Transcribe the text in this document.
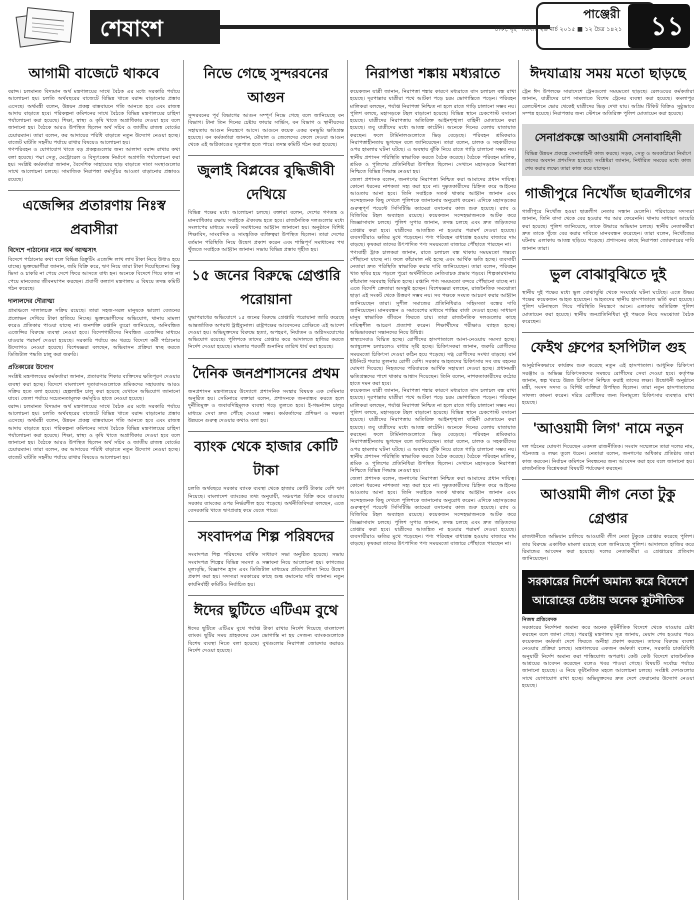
শেষাংশ
পাঞ্জেরী
ঢাকা, বৃহস্পতিবার ২৬ মার্চ ২০১৫ ■ ১২ চৈত্র ১৪২১ ১১
আগামী বাজেটে থাকবে
বরাদ্দ। চলমানত বিদ্যমান অর্থ মন্ত্রণালয়ের সাথে বৈঠক এর মধ্যে সরকারি পর্যায়ে আলোচনা হয়। চলতি অর্থবছরের বাজেটে বিভিন্ন খাতে বরাদ্দ বাড়ানোর প্রস্তাব এসেছে। অর্থমন্ত্রী বলেন, উন্নয়ন প্রকল্প বাস্তবায়নে গতি আনতে হবে এবং রাজস্ব আদায় বাড়াতে হবে। পরিকল্পনা কমিশনের সাথে বৈঠকে বিভিন্ন মন্ত্রণালয়ের চাহিদা পর্যালোচনা করা হয়েছে। শিক্ষা, স্বাস্থ্য ও কৃষি খাতে অগ্রাধিকার দেওয়া হবে বলে জানানো হয়। বৈঠকে আরও উপস্থিত ছিলেন অর্থ সচিব ও জাতীয় রাজস্ব বোর্ডের চেয়ারম্যান। তারা বলেন, কর আদায়ের পরিধি বাড়াতে নতুন উদ্যোগ নেওয়া হচ্ছে। বাজেট ঘাটতি সহনীয় পর্যায়ে রাখার বিষয়েও আলোচনা হয়।
গণপরিবহন ও যোগাযোগ খাতে বড় প্রকল্পগুলোর জন্য আলাদা বরাদ্দ রাখার কথা বলা হয়েছে। পদ্মা সেতু, মেট্রোরেল ও বিদ্যুৎকেন্দ্র নির্মাণে অগ্রগতি পর্যালোচনা করা হয়। সংশ্লিষ্ট কর্মকর্তারা জানান, বৈদেশিক সাহায্যের ছাড় বাড়াতে দাতা সংস্থাগুলোর সাথে আলোচনা চলছে। সামাজিক নিরাপত্তা কর্মসূচির আওতা বাড়ানোর প্রস্তাবও রয়েছে।
এজেন্সির প্রতারণায় নিঃস্ব প্রবাসীরা
বিদেশে পাঠানোর নামে অর্থ আত্মসাৎ
বিদেশে পাঠানোর কথা বলে বিভিন্ন রিক্রুটিং এজেন্সি লাখ লাখ টাকা নিয়ে উধাও হয়ে যাচ্ছে। ভুক্তভোগীরা জানান, জমি বিক্রি করে, ঋণ নিয়ে তারা টাকা দিয়েছিলেন। কিন্তু ভিসা ও চাকরি না পেয়ে দেশে ফিরে আসতে বাধ্য হন। অনেকে বিদেশে গিয়ে কাজ না পেয়ে মানবেতর জীবনযাপন করছেন। প্রবাসী কল্যাণ মন্ত্রণালয় এ বিষয়ে তদন্ত কমিটি গঠন করেছে।
দালালদের দৌরাত্ম্য
গ্রামাঞ্চলে দালালচক্র সক্রিয় রয়েছে। তারা সহজ-সরল মানুষকে ভালো বেতনের প্রলোভন দেখিয়ে টাকা হাতিয়ে নিচ্ছে। ভুক্তভোগীদের অভিযোগ, থানায় মামলা করেও প্রতিকার পাওয়া যাচ্ছে না। জনশক্তি রপ্তানি ব্যুরো জানিয়েছে, অনিবন্ধিত এজেন্সির বিরুদ্ধে ব্যবস্থা নেওয়া হবে। বিদেশগামীদের নিবন্ধিত এজেন্সির মাধ্যমে যাওয়ার পরামর্শ দেওয়া হয়েছে। সরকারি পর্যায়ে কম খরচে বিদেশে কর্মী পাঠানোর উদ্যোগও নেওয়া হয়েছে। বিশেষজ্ঞরা বলছেন, অভিবাসন প্রক্রিয়া স্বচ্ছ করতে ডিজিটাল পদ্ধতি চালু করা জরুরি।
প্রতিকারের উদ্যোগ
সংশ্লিষ্ট মন্ত্রণালয়ের কর্মকর্তারা জানান, প্রতারণার শিকার ব্যক্তিদের ক্ষতিপূরণ দেওয়ার ব্যবস্থা করা হচ্ছে। বিদেশে বাংলাদেশ দূতাবাসগুলোকে শ্রমিকদের সহায়তায় আরও সক্রিয় হতে বলা হয়েছে। হেল্পলাইন চালু করা হয়েছে যেখানে অভিযোগ জানানো যাবে। জেলা পর্যায়ে সচেতনতামূলক কর্মসূচিও হাতে নেওয়া হয়েছে।
বরাদ্দ। চলমানত বিদ্যমান অর্থ মন্ত্রণালয়ের সাথে বৈঠক এর মধ্যে সরকারি পর্যায়ে আলোচনা হয়। চলতি অর্থবছরের বাজেটে বিভিন্ন খাতে বরাদ্দ বাড়ানোর প্রস্তাব এসেছে। অর্থমন্ত্রী বলেন, উন্নয়ন প্রকল্প বাস্তবায়নে গতি আনতে হবে এবং রাজস্ব আদায় বাড়াতে হবে। পরিকল্পনা কমিশনের সাথে বৈঠকে বিভিন্ন মন্ত্রণালয়ের চাহিদা পর্যালোচনা করা হয়েছে। শিক্ষা, স্বাস্থ্য ও কৃষি খাতে অগ্রাধিকার দেওয়া হবে বলে জানানো হয়। বৈঠকে আরও উপস্থিত ছিলেন অর্থ সচিব ও জাতীয় রাজস্ব বোর্ডের চেয়ারম্যান। তারা বলেন, কর আদায়ের পরিধি বাড়াতে নতুন উদ্যোগ নেওয়া হচ্ছে। বাজেট ঘাটতি সহনীয় পর্যায়ে রাখার বিষয়েও আলোচনা হয়।
নিভে গেছে সুন্দরবনের আগুন
সুন্দরবনের পূর্ব বিভাগের আগুন সম্পূর্ণ নিভে গেছে বলে জানিয়েছে বন বিভাগ। টানা তিন দিনের চেষ্টায় ফায়ার সার্ভিস, বন বিভাগ ও স্থানীয়দের সহায়তায় আগুন নিয়ন্ত্রণে আসে। আগুনে কয়েক একর বনভূমি ক্ষতিগ্রস্ত হয়েছে। বন কর্মকর্তারা জানান, মৌয়াল ও জেলেদের ফেলে দেওয়া আগুন থেকে এই অগ্নিকাণ্ডের সূত্রপাত হতে পারে। তদন্ত কমিটি গঠন করা হয়েছে।
জুলাই বিপ্লবের বুদ্ধিজীবী দেখিয়ে
বিভিন্ন পক্ষের মধ্যে আলোচনা চলছে। বক্তারা বলেন, দেশের গণতন্ত্র ও মানবাধিকার রক্ষায় সবাইকে ঐক্যবদ্ধ হতে হবে। রাজনৈতিক দলগুলোর মধ্যে সংলাপের মাধ্যমে সংকট সমাধানের আহ্বান জানানো হয়। অনুষ্ঠানে বিশিষ্ট শিক্ষাবিদ, সাংবাদিক ও সাংস্কৃতিক ব্যক্তিত্বরা উপস্থিত ছিলেন। তারা দেশের বর্তমান পরিস্থিতি নিয়ে উদ্বেগ প্রকাশ করেন এবং শান্তিপূর্ণ সমাধানের পথ খুঁজতে সবাইকে আহ্বান জানান। সভায় বিভিন্ন প্রস্তাব গৃহীত হয়।
১৫ জনের বিরুদ্ধে গ্রেপ্তারি পরোয়ানা
যুদ্ধাপরাধের অভিযোগে ১৫ জনের বিরুদ্ধে গ্রেপ্তারি পরোয়ানা জারি করেছে আন্তর্জাতিক অপরাধ ট্রাইব্যুনাল। রাষ্ট্রপক্ষের আবেদনের প্রেক্ষিতে এই আদেশ দেওয়া হয়। অভিযুক্তদের বিরুদ্ধে হত্যা, অপহরণ, নির্যাতন ও অগ্নিসংযোগের অভিযোগ রয়েছে। পুলিশকে তাদের গ্রেপ্তার করে আদালতে হাজির করতে নির্দেশ দেওয়া হয়েছে। মামলার পরবর্তী শুনানির তারিখ ধার্য করা হয়েছে।
দৈনিক জনপ্রশাসনের প্রথম
জনপ্রশাসন মন্ত্রণালয়ের উদ্যোগে প্রশাসনিক সংস্কার বিষয়ক এক সেমিনার অনুষ্ঠিত হয়। সেমিনারে বক্তারা বলেন, প্রশাসনকে জনবান্ধব করতে হলে দুর্নীতিমুক্ত ও জবাবদিহিমূলক ব্যবস্থা গড়ে তুলতে হবে। ই-গভর্ন্যান্স চালুর মাধ্যমে সেবা দ্রুত পৌঁছে দেওয়া সম্ভব। কর্মকর্তাদের প্রশিক্ষণ ও দক্ষতা উন্নয়নে গুরুত্ব দেওয়ার কথাও বলা হয়।
ব্যাংক থেকে হাজার কোটি টাকা
চলতি অর্থবছরে সরকার ব্যাংক ব্যবস্থা থেকে হাজার কোটি টাকার বেশি ঋণ নিয়েছে। বাংলাদেশ ব্যাংকের তথ্য অনুযায়ী, সঞ্চয়পত্র বিক্রি কমে যাওয়ায় সরকার ব্যাংকের ওপর নির্ভরশীল হয়ে পড়েছে। অর্থনীতিবিদরা বলছেন, এতে বেসরকারি খাতে ঋণপ্রবাহ কমে যেতে পারে।
সংবাদপত্র শিল্প পরিষদের
সংবাদপত্র শিল্প পরিষদের বার্ষিক সাধারণ সভা অনুষ্ঠিত হয়েছে। সভায় সংবাদপত্র শিল্পের বিভিন্ন সমস্যা ও সম্ভাবনা নিয়ে আলোচনা হয়। কাগজের মূল্যবৃদ্ধি, বিজ্ঞাপন হ্রাস এবং ডিজিটাল মাধ্যমের প্রতিযোগিতা নিয়ে উদ্বেগ প্রকাশ করা হয়। সদস্যরা সরকারের কাছে শুল্ক কমানোর দাবি জানান। নতুন কার্যনির্বাহী কমিটিও নির্বাচিত হয়।
ঈদের ছুটিতে এটিএম বুথে
ঈদের ছুটিতে এটিএম বুথে পর্যাপ্ত টাকা রাখার নির্দেশ দিয়েছে বাংলাদেশ ব্যাংক। ছুটির সময় গ্রাহকদের যেন ভোগান্তি না হয় সেজন্য ব্যাংকগুলোকে বিশেষ ব্যবস্থা নিতে বলা হয়েছে। বুথগুলোর নিরাপত্তা জোরদার করারও নির্দেশ দেওয়া হয়েছে।
নিরাপত্তা শঙ্কায় মধ্যরাতে
কয়েকজন যাত্রী জানান, নিরাপত্তা শঙ্কার কারণে মধ্যরাতে বাস চলাচল বন্ধ রাখা হয়েছে। দূরপাল্লার যাত্রীরা পথে আটকা পড়ে চরম ভোগান্তিতে পড়েন। পরিবহন মালিকরা বলছেন, পর্যাপ্ত নিরাপত্তা নিশ্চিত না হলে রাতে গাড়ি চালানো সম্ভব নয়। পুলিশ বলছে, মহাসড়কে টহল বাড়ানো হয়েছে। বিভিন্ন স্থানে চেকপোস্ট বসানো হয়েছে। যাত্রীদের নিরাপত্তায় অতিরিক্ত আইনশৃঙ্খলা বাহিনী মোতায়েন করা হয়েছে। তবু যাত্রীদের মধ্যে আতঙ্ক কাটেনি। অনেকে দিনের বেলায় যাতায়াত করছেন। ফলে টার্মিনালগুলোতে ভিড় বেড়েছে। পরিবহন শ্রমিকরাও নিরাপত্তাহীনতায় ভুগছেন বলে জানিয়েছেন। তারা বলেন, চালক ও সহকারীদের ওপর হামলার ঘটনা ঘটছে। এ অবস্থায় ঝুঁকি নিয়ে রাতে গাড়ি চালানো সম্ভব নয়। স্থানীয় প্রশাসন পরিস্থিতি স্বাভাবিক করতে বৈঠক করেছে। বৈঠকে পরিবহন মালিক, শ্রমিক ও পুলিশের প্রতিনিধিরা উপস্থিত ছিলেন। সেখানে মহাসড়কে নিরাপত্তা নিশ্চিতে বিভিন্ন সিদ্ধান্ত নেওয়া হয়।
জেলা প্রশাসক বলেন, জনগণের নিরাপত্তা নিশ্চিত করা আমাদের প্রধান দায়িত্ব। কোনো ধরনের নাশকতা সহ্য করা হবে না। দুষ্কৃতকারীদের চিহ্নিত করে আইনের আওতায় আনা হবে। তিনি সবাইকে সতর্ক থাকার আহ্বান জানান এবং সন্দেহজনক কিছু দেখলে পুলিশকে জানানোর অনুরোধ করেন। এদিকে মহাসড়কের গুরুত্বপূর্ণ পয়েন্টে সিসিটিভি ক্যামেরা বসানোর কাজ শুরু হয়েছে। র‌্যাব ও বিজিবির টহল অব্যাহত রয়েছে। কয়েকজন সন্দেহভাজনকে আটক করে জিজ্ঞাসাবাদ চলছে। পুলিশ সুপার জানান, তদন্ত চলছে এবং দ্রুত জড়িতদের গ্রেপ্তার করা হবে। যাত্রীদের আতঙ্কিত না হওয়ার পরামর্শ দেওয়া হয়েছে। ব্যবসায়ীরাও ক্ষতির মুখে পড়েছেন। পণ্য পরিবহন বাধাগ্রস্ত হওয়ায় বাজারে দাম বাড়ছে। কৃষকরা তাদের উৎপাদিত পণ্য সময়মতো বাজারে পৌঁছাতে পারছেন না।
পণ্যবাহী ট্রাক চালকরা জানান, রাতে চলাচল বন্ধ থাকায় সময়মতো গন্তব্যে পৌঁছানো যাচ্ছে না। ফলে কাঁচামাল নষ্ট হচ্ছে এবং আর্থিক ক্ষতি হচ্ছে। ব্যবসায়ী নেতারা দ্রুত পরিস্থিতি স্বাভাবিক করার দাবি জানিয়েছেন। তারা বলেন, পরিবহন খাত স্থবির হয়ে পড়লে পুরো অর্থনীতিতে নেতিবাচক প্রভাব পড়বে। শিল্পকারখানায় কাঁচামাল সরবরাহ বিঘ্নিত হচ্ছে। রপ্তানি পণ্য সময়মতো বন্দরে পৌঁছানো যাচ্ছে না। এতে বিদেশি ক্রেতারা অসন্তুষ্ট হচ্ছেন। বিশেষজ্ঞরা বলছেন, রাজনৈতিক সমঝোতা ছাড়া এই সংকট থেকে উত্তরণ সম্ভব নয়। সব পক্ষকে সংযত আচরণ করার আহ্বান জানিয়েছেন তারা। সুশীল সমাজের প্রতিনিধিরাও সহিংসতা বন্ধের দাবি জানিয়েছেন। মানববন্ধন ও সমাবেশের মাধ্যমে শান্তির বার্তা দেওয়া হচ্ছে। সাধারণ মানুষ স্বাভাবিক জীবনে ফিরতে চায়। তারা রাজনৈতিক দলগুলোর কাছে দায়িত্বশীল আচরণ প্রত্যাশা করেন। শিক্ষার্থীদের পরীক্ষাও ব্যাহত হচ্ছে। অভিভাবকরা সন্তানদের নিয়ে উদ্বিগ্ন।
স্বাস্থ্যসেবাও বিঘ্নিত হচ্ছে। রোগীদের হাসপাতালে আনা-নেওয়ায় সমস্যা হচ্ছে। অ্যাম্বুলেন্স চলাচলেও বাধার সৃষ্টি হচ্ছে। চিকিৎসকরা জানান, জরুরি রোগীদের সময়মতো চিকিৎসা দেওয়া কঠিন হয়ে পড়েছে। দগ্ধ রোগীদের সংখ্যা বাড়ছে। বার্ন ইউনিটে শয্যার তুলনায় রোগী বেশি। সরকার আহতদের চিকিৎসার সব ব্যয় বহনের ঘোষণা দিয়েছে। নিহতদের পরিবারকে আর্থিক সহায়তা দেওয়া হচ্ছে। প্রধানমন্ত্রী ক্ষতিগ্রস্তদের পাশে থাকার আশ্বাস দিয়েছেন। তিনি বলেন, নাশকতাকারীদের কঠোর হাতে দমন করা হবে।
কয়েকজন যাত্রী জানান, নিরাপত্তা শঙ্কার কারণে মধ্যরাতে বাস চলাচল বন্ধ রাখা হয়েছে। দূরপাল্লার যাত্রীরা পথে আটকা পড়ে চরম ভোগান্তিতে পড়েন। পরিবহন মালিকরা বলছেন, পর্যাপ্ত নিরাপত্তা নিশ্চিত না হলে রাতে গাড়ি চালানো সম্ভব নয়। পুলিশ বলছে, মহাসড়কে টহল বাড়ানো হয়েছে। বিভিন্ন স্থানে চেকপোস্ট বসানো হয়েছে। যাত্রীদের নিরাপত্তায় অতিরিক্ত আইনশৃঙ্খলা বাহিনী মোতায়েন করা হয়েছে। তবু যাত্রীদের মধ্যে আতঙ্ক কাটেনি। অনেকে দিনের বেলায় যাতায়াত করছেন। ফলে টার্মিনালগুলোতে ভিড় বেড়েছে। পরিবহন শ্রমিকরাও নিরাপত্তাহীনতায় ভুগছেন বলে জানিয়েছেন। তারা বলেন, চালক ও সহকারীদের ওপর হামলার ঘটনা ঘটছে। এ অবস্থায় ঝুঁকি নিয়ে রাতে গাড়ি চালানো সম্ভব নয়। স্থানীয় প্রশাসন পরিস্থিতি স্বাভাবিক করতে বৈঠক করেছে। বৈঠকে পরিবহন মালিক, শ্রমিক ও পুলিশের প্রতিনিধিরা উপস্থিত ছিলেন। সেখানে মহাসড়কে নিরাপত্তা নিশ্চিতে বিভিন্ন সিদ্ধান্ত নেওয়া হয়।
জেলা প্রশাসক বলেন, জনগণের নিরাপত্তা নিশ্চিত করা আমাদের প্রধান দায়িত্ব। কোনো ধরনের নাশকতা সহ্য করা হবে না। দুষ্কৃতকারীদের চিহ্নিত করে আইনের আওতায় আনা হবে। তিনি সবাইকে সতর্ক থাকার আহ্বান জানান এবং সন্দেহজনক কিছু দেখলে পুলিশকে জানানোর অনুরোধ করেন। এদিকে মহাসড়কের গুরুত্বপূর্ণ পয়েন্টে সিসিটিভি ক্যামেরা বসানোর কাজ শুরু হয়েছে। র‌্যাব ও বিজিবির টহল অব্যাহত রয়েছে। কয়েকজন সন্দেহভাজনকে আটক করে জিজ্ঞাসাবাদ চলছে। পুলিশ সুপার জানান, তদন্ত চলছে এবং দ্রুত জড়িতদের গ্রেপ্তার করা হবে। যাত্রীদের আতঙ্কিত না হওয়ার পরামর্শ দেওয়া হয়েছে। ব্যবসায়ীরাও ক্ষতির মুখে পড়েছেন। পণ্য পরিবহন বাধাগ্রস্ত হওয়ায় বাজারে দাম বাড়ছে। কৃষকরা তাদের উৎপাদিত পণ্য সময়মতো বাজারে পৌঁছাতে পারছেন না।
ঈদযাত্রায় সময় মতো ছাড়ছে
ট্রেন ঈদ উপলক্ষে সারাদেশে ট্রেনগুলো সময়মতো ছাড়ছে। রেলওয়ের কর্মকর্তারা জানান, যাত্রীদের চাপ সামলাতে বিশেষ ট্রেনের ব্যবস্থা করা হয়েছে। কমলাপুর রেলস্টেশনে ভোর থেকেই যাত্রীদের ভিড় দেখা যায়। অগ্রিম টিকিট বিক্রিও সুষ্ঠুভাবে সম্পন্ন হয়েছে। নিরাপত্তার জন্য স্টেশনে অতিরিক্ত পুলিশ মোতায়েন করা হয়েছে।
সেনাপ্রকল্পে আওয়ামী সেনাবাহিনী
বিভিন্ন উন্নয়ন প্রকল্পে সেনাবাহিনী কাজ করছে। সড়ক, সেতু ও অবকাঠামো নির্মাণে তাদের অবদান প্রশংসিত হয়েছে। সংশ্লিষ্টরা জানান, নির্ধারিত সময়ের মধ্যে কাজ শেষ করার লক্ষ্যে তারা কাজ করে যাচ্ছেন।
গাজীপুরে নিখোঁজ ছাত্রলীগের
গাজীপুরে নিখোঁজ হওয়া ছাত্রলীগ নেতার সন্ধান মেলেনি। পরিবারের সদস্যরা জানান, তিনি বাসা থেকে বের হওয়ার পর আর ফেরেননি। থানায় সাধারণ ডায়েরি করা হয়েছে। পুলিশ জানিয়েছে, তাকে উদ্ধারে অভিযান চলছে। স্থানীয় নেতাকর্মীরা দ্রুত তাকে খুঁজে বের করার দাবিতে মানববন্ধন করেছেন। তারা বলেন, নিখোঁজের ঘটনায় এলাকায় আতঙ্ক ছড়িয়ে পড়েছে। প্রশাসনের কাছে নিরাপত্তা জোরদারের দাবি জানান তারা।
ভুল বোঝাবুঝিতে দুই
স্থানীয় দুই পক্ষের মধ্যে ভুল বোঝাবুঝি থেকে সংঘর্ষের ঘটনা ঘটেছে। এতে উভয় পক্ষের কয়েকজন আহত হয়েছেন। আহতদের স্থানীয় হাসপাতালে ভর্তি করা হয়েছে। পুলিশ ঘটনাস্থলে গিয়ে পরিস্থিতি নিয়ন্ত্রণে আনে। এলাকায় অতিরিক্ত পুলিশ মোতায়েন করা হয়েছে। স্থানীয় জনপ্রতিনিধিরা দুই পক্ষকে নিয়ে সমঝোতা বৈঠক করেছেন।
ফেইথ গ্রুপের হসপিটাল গুহ
আনুষ্ঠানিকভাবে কার্যক্রম শুরু করেছে নতুন এই হাসপাতাল। আধুনিক চিকিৎসা সরঞ্জাম ও অভিজ্ঞ চিকিৎসকদের সমন্বয়ে রোগীদের সেবা দেওয়া হবে। কর্তৃপক্ষ জানান, স্বল্প খরচে উন্নত চিকিৎসা নিশ্চিত করাই তাদের লক্ষ্য। উদ্বোধনী অনুষ্ঠানে মন্ত্রী, সংসদ সদস্য ও বিশিষ্ট ব্যক্তিরা উপস্থিত ছিলেন। তারা নতুন হাসপাতালের সাফল্য কামনা করেন। দরিদ্র রোগীদের জন্য বিনামূল্যে চিকিৎসার ব্যবস্থাও রাখা হয়েছে।
'আওয়ামী লিগ' নামে নতুন
দল গঠনের ঘোষণা দিয়েছেন একদল রাজনীতিক। সংবাদ সম্মেলনে তারা দলের নাম, গঠনতন্ত্র ও লক্ষ্য তুলে ধরেন। নেতারা বলেন, জনগণের অধিকার প্রতিষ্ঠায় তারা কাজ করবেন। নির্বাচন কমিশনে নিবন্ধনের জন্য আবেদন করা হবে বলে জানানো হয়। রাজনৈতিক বিশ্লেষকরা বিষয়টি পর্যবেক্ষণ করছেন।
আওয়ামী লীগ নেতা টুকু গ্রেপ্তার
রাজধানীতে অভিযান চালিয়ে আওয়ামী লীগ নেতা টুকুকে গ্রেপ্তার করেছে পুলিশ। তার বিরুদ্ধে একাধিক মামলা রয়েছে বলে জানিয়েছে পুলিশ। আদালতে হাজির করে রিমান্ডের আবেদন করা হয়েছে। দলের নেতাকর্মীরা এ গ্রেপ্তারের প্রতিবাদ জানিয়েছেন।
সরকারের নির্দেশ অমান্য করে বিদেশে আরোহের চেষ্টায় অনেক কূটনীতিক
নিজস্ব প্রতিবেদক
সরকারের নির্দেশনা অমান্য করে অনেক কূটনীতিক বিদেশে থেকে যাওয়ার চেষ্টা করছেন বলে জানা গেছে। পররাষ্ট্র মন্ত্রণালয় সূত্র জানায়, মেয়াদ শেষ হওয়ার পরও কয়েকজন কর্মকর্তা দেশে ফিরতে অনীহা প্রকাশ করছেন। তাদের বিরুদ্ধে ব্যবস্থা নেওয়ার প্রক্রিয়া চলছে। মন্ত্রণালয়ের একজন কর্মকর্তা বলেন, সরকারি চাকরিবিধি অনুযায়ী নির্দেশ অমান্য করা শাস্তিযোগ্য অপরাধ। কেউ কেউ বিদেশে রাজনৈতিক আশ্রয়ের আবেদন করেছেন বলেও খবর পাওয়া গেছে। বিষয়টি সর্বোচ্চ পর্যায়ে জানানো হয়েছে। এ নিয়ে কূটনৈতিক মহলে আলোচনা চলছে। সংশ্লিষ্ট দেশগুলোর সাথে যোগাযোগ রাখা হচ্ছে। অভিযুক্তদের দ্রুত দেশে ফেরানোর উদ্যোগ নেওয়া হয়েছে।
